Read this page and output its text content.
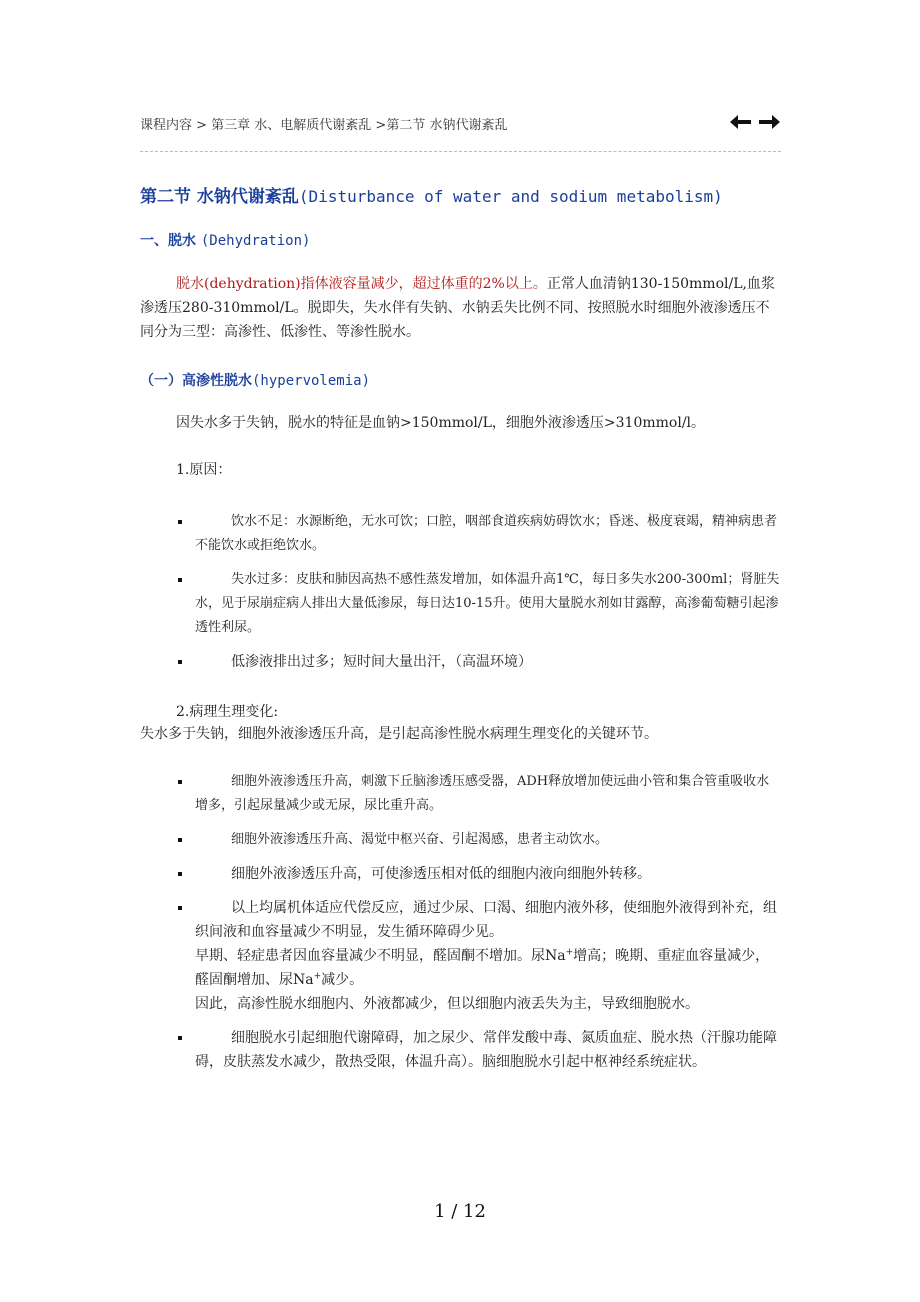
课程内容 > 第三章 水、电解质代谢紊乱 >第二节 水钠代谢紊乱
第二节 水钠代谢紊乱(Disturbance of water and sodium metabolism)
一、脱水 (Dehydration)
脱水(dehydration)指体液容量减少，超过体重的2%以上。正常人血清钠130-150mmol/L,血浆渗透压280-310mmol/L。脱即失，失水伴有失钠、水钠丢失比例不同、按照脱水时细胞外液渗透压不同分为三型：高渗性、低渗性、等渗性脱水。
（一）高渗性脱水(hypervolemia)
因失水多于失钠，脱水的特征是血钠>150mmol/L，细胞外液渗透压>310mmol/l。
1.原因：
饮水不足：水源断绝，无水可饮；口腔，咽部食道疾病妨碍饮水；昏迷、极度衰竭，精神病患者不能饮水或拒绝饮水。
失水过多：皮肤和肺因高热不感性蒸发增加，如体温升高1℃，每日多失水200-300ml；肾脏失水，见于尿崩症病人排出大量低渗尿，每日达10-15升。使用大量脱水剂如甘露醇，高渗葡萄糖引起渗透性利尿。
低渗液排出过多；短时间大量出汗，（高温环境）
2.病理生理变化:
失水多于失钠，细胞外液渗透压升高，是引起高渗性脱水病理生理变化的关键环节。
细胞外液渗透压升高，刺激下丘脑渗透压感受器，ADH释放增加使远曲小管和集合管重吸收水增多，引起尿量减少或无尿，尿比重升高。
细胞外液渗透压升高、渴觉中枢兴奋、引起渴感，患者主动饮水。
细胞外液渗透压升高，可使渗透压相对低的细胞内液向细胞外转移。
以上均属机体适应代偿反应，通过少尿、口渴、细胞内液外移，使细胞外液得到补充，组织间液和血容量减少不明显，发生循环障碍少见。
早期、轻症患者因血容量减少不明显，醛固酮不增加。尿Na+增高；晚期、重症血容量减少，醛固酮增加、尿Na+减少。
因此，高渗性脱水细胞内、外液都减少，但以细胞内液丢失为主，导致细胞脱水。
细胞脱水引起细胞代谢障碍，加之尿少、常伴发酸中毒、氮质血症、脱水热（汗腺功能障碍，皮肤蒸发水减少，散热受限，体温升高）。脑细胞脱水引起中枢神经系统症状。
1 / 12
